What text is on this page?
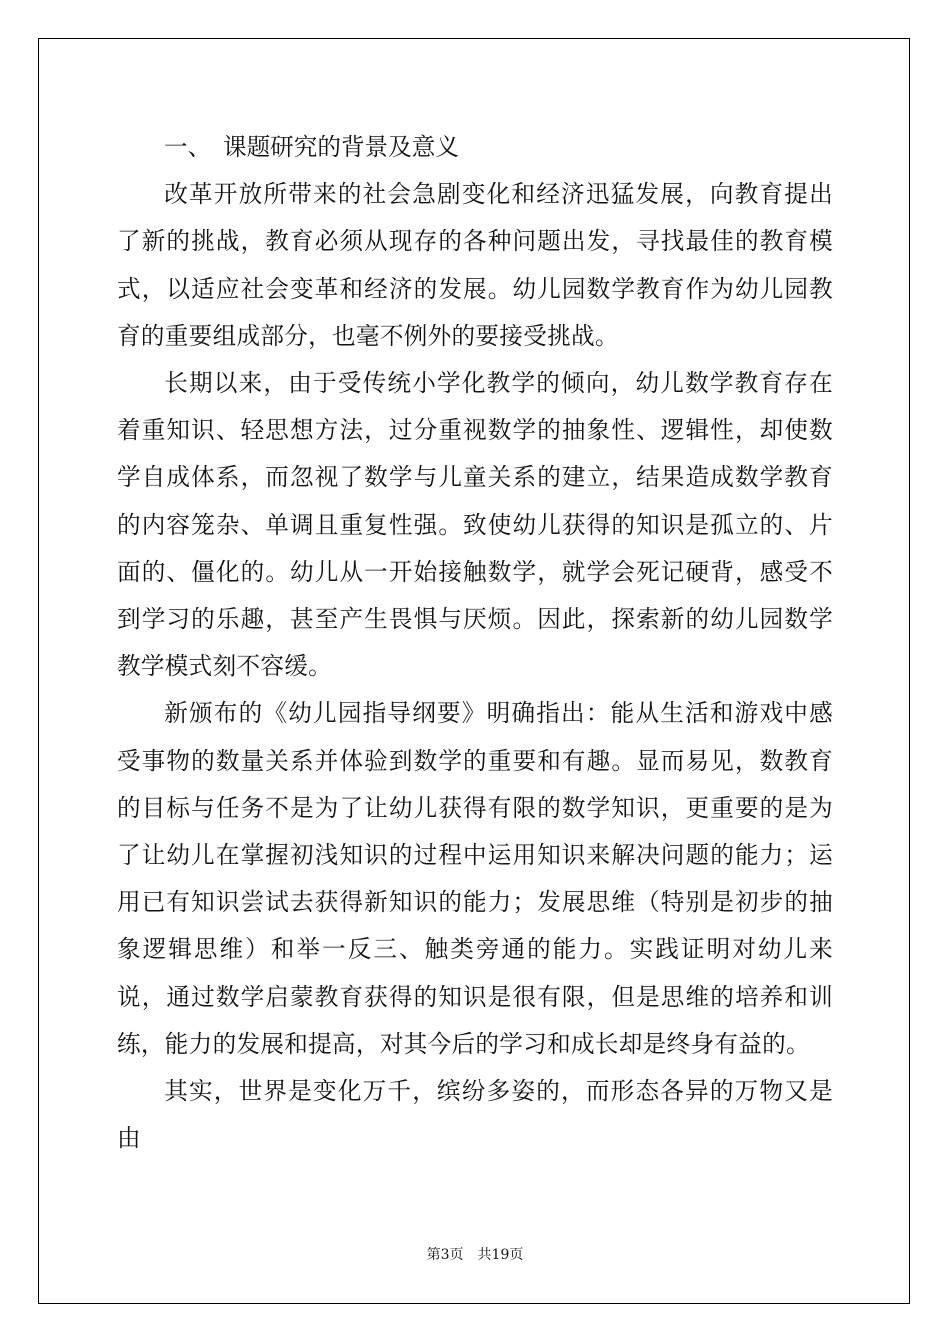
一、 课题研究的背景及意义

改革开放所带来的社会急剧变化和经济迅猛发展，向教育提出了新的挑战，教育必须从现存的各种问题出发，寻找最佳的教育模式，以适应社会变革和经济的发展。幼儿园数学教育作为幼儿园教育的重要组成部分，也毫不例外的要接受挑战。

长期以来，由于受传统小学化教学的倾向，幼儿数学教育存在着重知识、轻思想方法，过分重视数学的抽象性、逻辑性，却使数学自成体系，而忽视了数学与儿童关系的建立，结果造成数学教育的内容笼杂、单调且重复性强。致使幼儿获得的知识是孤立的、片面的、僵化的。幼儿从一开始接触数学，就学会死记硬背，感受不到学习的乐趣，甚至产生畏惧与厌烦。因此，探索新的幼儿园数学教学模式刻不容缓。

新颁布的《幼儿园指导纲要》明确指出：能从生活和游戏中感受事物的数量关系并体验到数学的重要和有趣。显而易见，数教育的目标与任务不是为了让幼儿获得有限的数学知识，更重要的是为了让幼儿在掌握初浅知识的过程中运用知识来解决问题的能力；运用已有知识尝试去获得新知识的能力；发展思维（特别是初步的抽象逻辑思维）和举一反三、触类旁通的能力。实践证明对幼儿来说，通过数学启蒙教育获得的知识是很有限，但是思维的培养和训练，能力的发展和提高，对其今后的学习和成长却是终身有益的。

其实，世界是变化万千，缤纷多姿的，而形态各异的万物又是由

第3页 共19页
